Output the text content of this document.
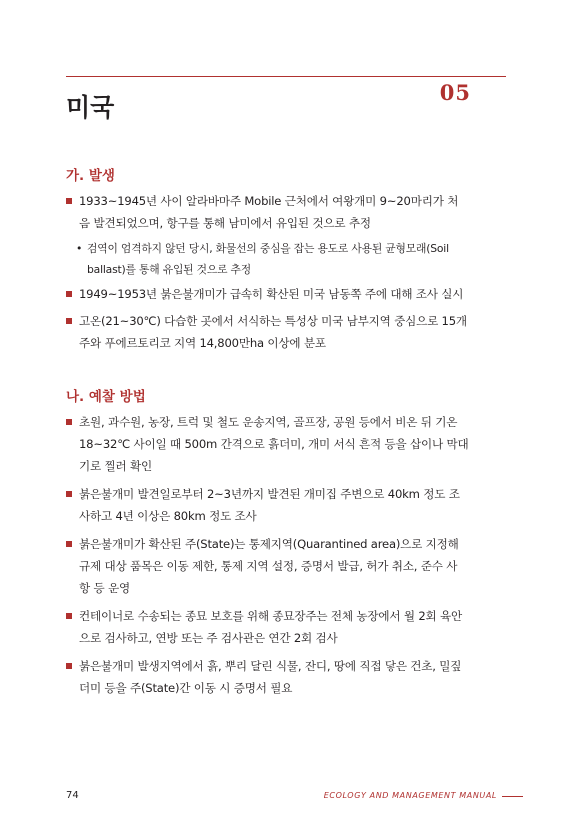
미국
05
가. 발생

1933~1945년 사이 알라바마주 Mobile 근처에서 여왕개미 9~20마리가 처
음 발견되었으며, 항구를 통해 남미에서 유입된 것으로 추정

• 검역이 엄격하지 않던 당시, 화물선의 중심을 잡는 용도로 사용된 균형모래(Soil
ballast)를 통해 유입된 것으로 추정

1949~1953년 붉은불개미가 급속히 확산된 미국 남동쪽 주에 대해 조사 실시

고온(21~30℃) 다습한 곳에서 서식하는 특성상 미국 남부지역 중심으로 15개
주와 푸에르토리코 지역 14,800만ha 이상에 분포

나. 예찰 방법

초원, 과수원, 농장, 트럭 및 철도 운송지역, 골프장, 공원 등에서 비온 뒤 기온
18~32℃ 사이일 때 500m 간격으로 흙더미, 개미 서식 흔적 등을 삽이나 막대
기로 찔러 확인

붉은불개미 발견일로부터 2~3년까지 발견된 개미집 주변으로 40km 정도 조
사하고 4년 이상은 80km 정도 조사

붉은불개미가 확산된 주(State)는 통제지역(Quarantined area)으로 지정해
규제 대상 품목은 이동 제한, 통제 지역 설정, 증명서 발급, 허가 취소, 준수 사
항 등 운영

컨테이너로 수송되는 종묘 보호를 위해 종묘장주는 전체 농장에서 월 2회 육안
으로 검사하고, 연방 또는 주 검사관은 연간 2회 검사

붉은불개미 발생지역에서 흙, 뿌리 달린 식물, 잔디, 땅에 직접 닿은 건초, 밀짚
더미 등을 주(State)간 이동 시 증명서 필요

74	ECOLOGY AND MANAGEMENT MANUAL
